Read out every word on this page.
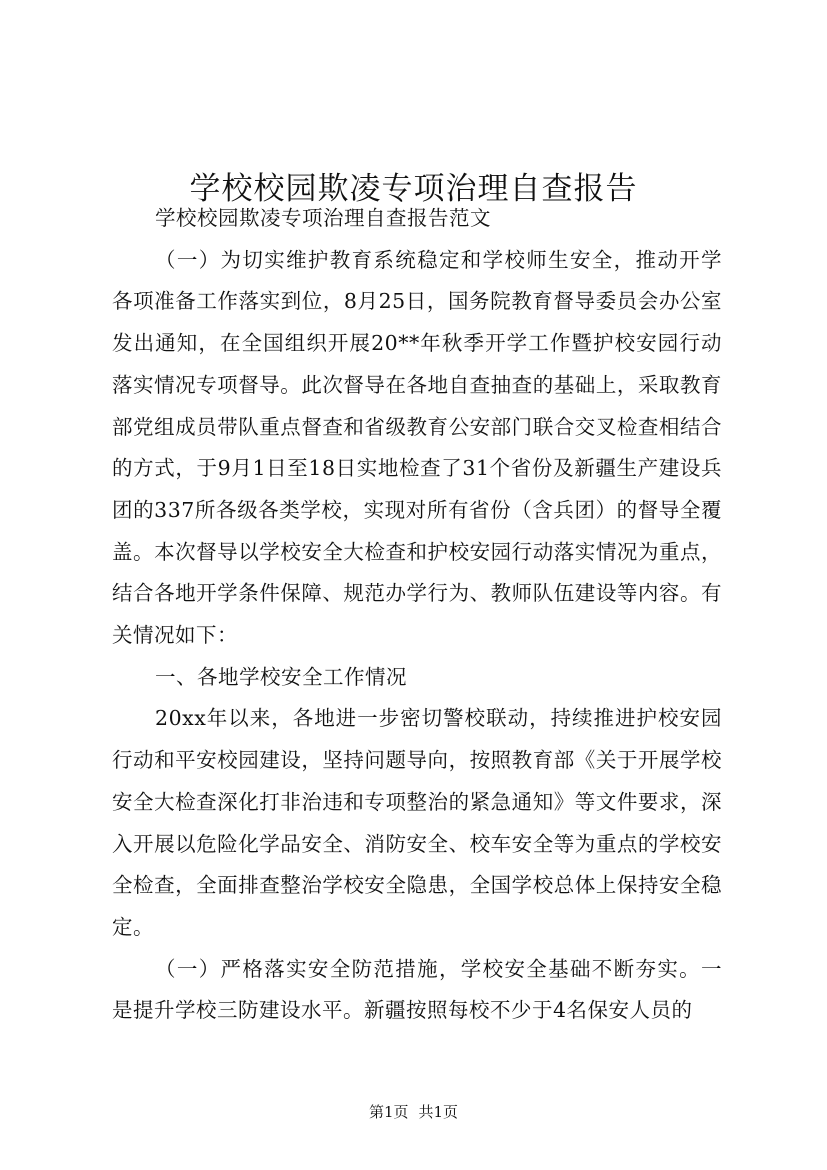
学校校园欺凌专项治理自查报告

学校校园欺凌专项治理自查报告范文

（一）为切实维护教育系统稳定和学校师生安全，推动开学各项准备工作落实到位，8月25日，国务院教育督导委员会办公室发出通知，在全国组织开展20**年秋季开学工作暨护校安园行动落实情况专项督导。此次督导在各地自查抽查的基础上，采取教育部党组成员带队重点督查和省级教育公安部门联合交叉检查相结合的方式，于9月1日至18日实地检查了31个省份及新疆生产建设兵团的337所各级各类学校，实现对所有省份（含兵团）的督导全覆盖。本次督导以学校安全大检查和护校安园行动落实情况为重点，结合各地开学条件保障、规范办学行为、教师队伍建设等内容。有关情况如下：

一、各地学校安全工作情况

20xx年以来，各地进一步密切警校联动，持续推进护校安园行动和平安校园建设，坚持问题导向，按照教育部《关于开展学校安全大检查深化打非治违和专项整治的紧急通知》等文件要求，深入开展以危险化学品安全、消防安全、校车安全等为重点的学校安全检查，全面排查整治学校安全隐患，全国学校总体上保持安全稳定。

（一）严格落实安全防范措施，学校安全基础不断夯实。一是提升学校三防建设水平。新疆按照每校不少于4名保安人员的

第1页 共1页
